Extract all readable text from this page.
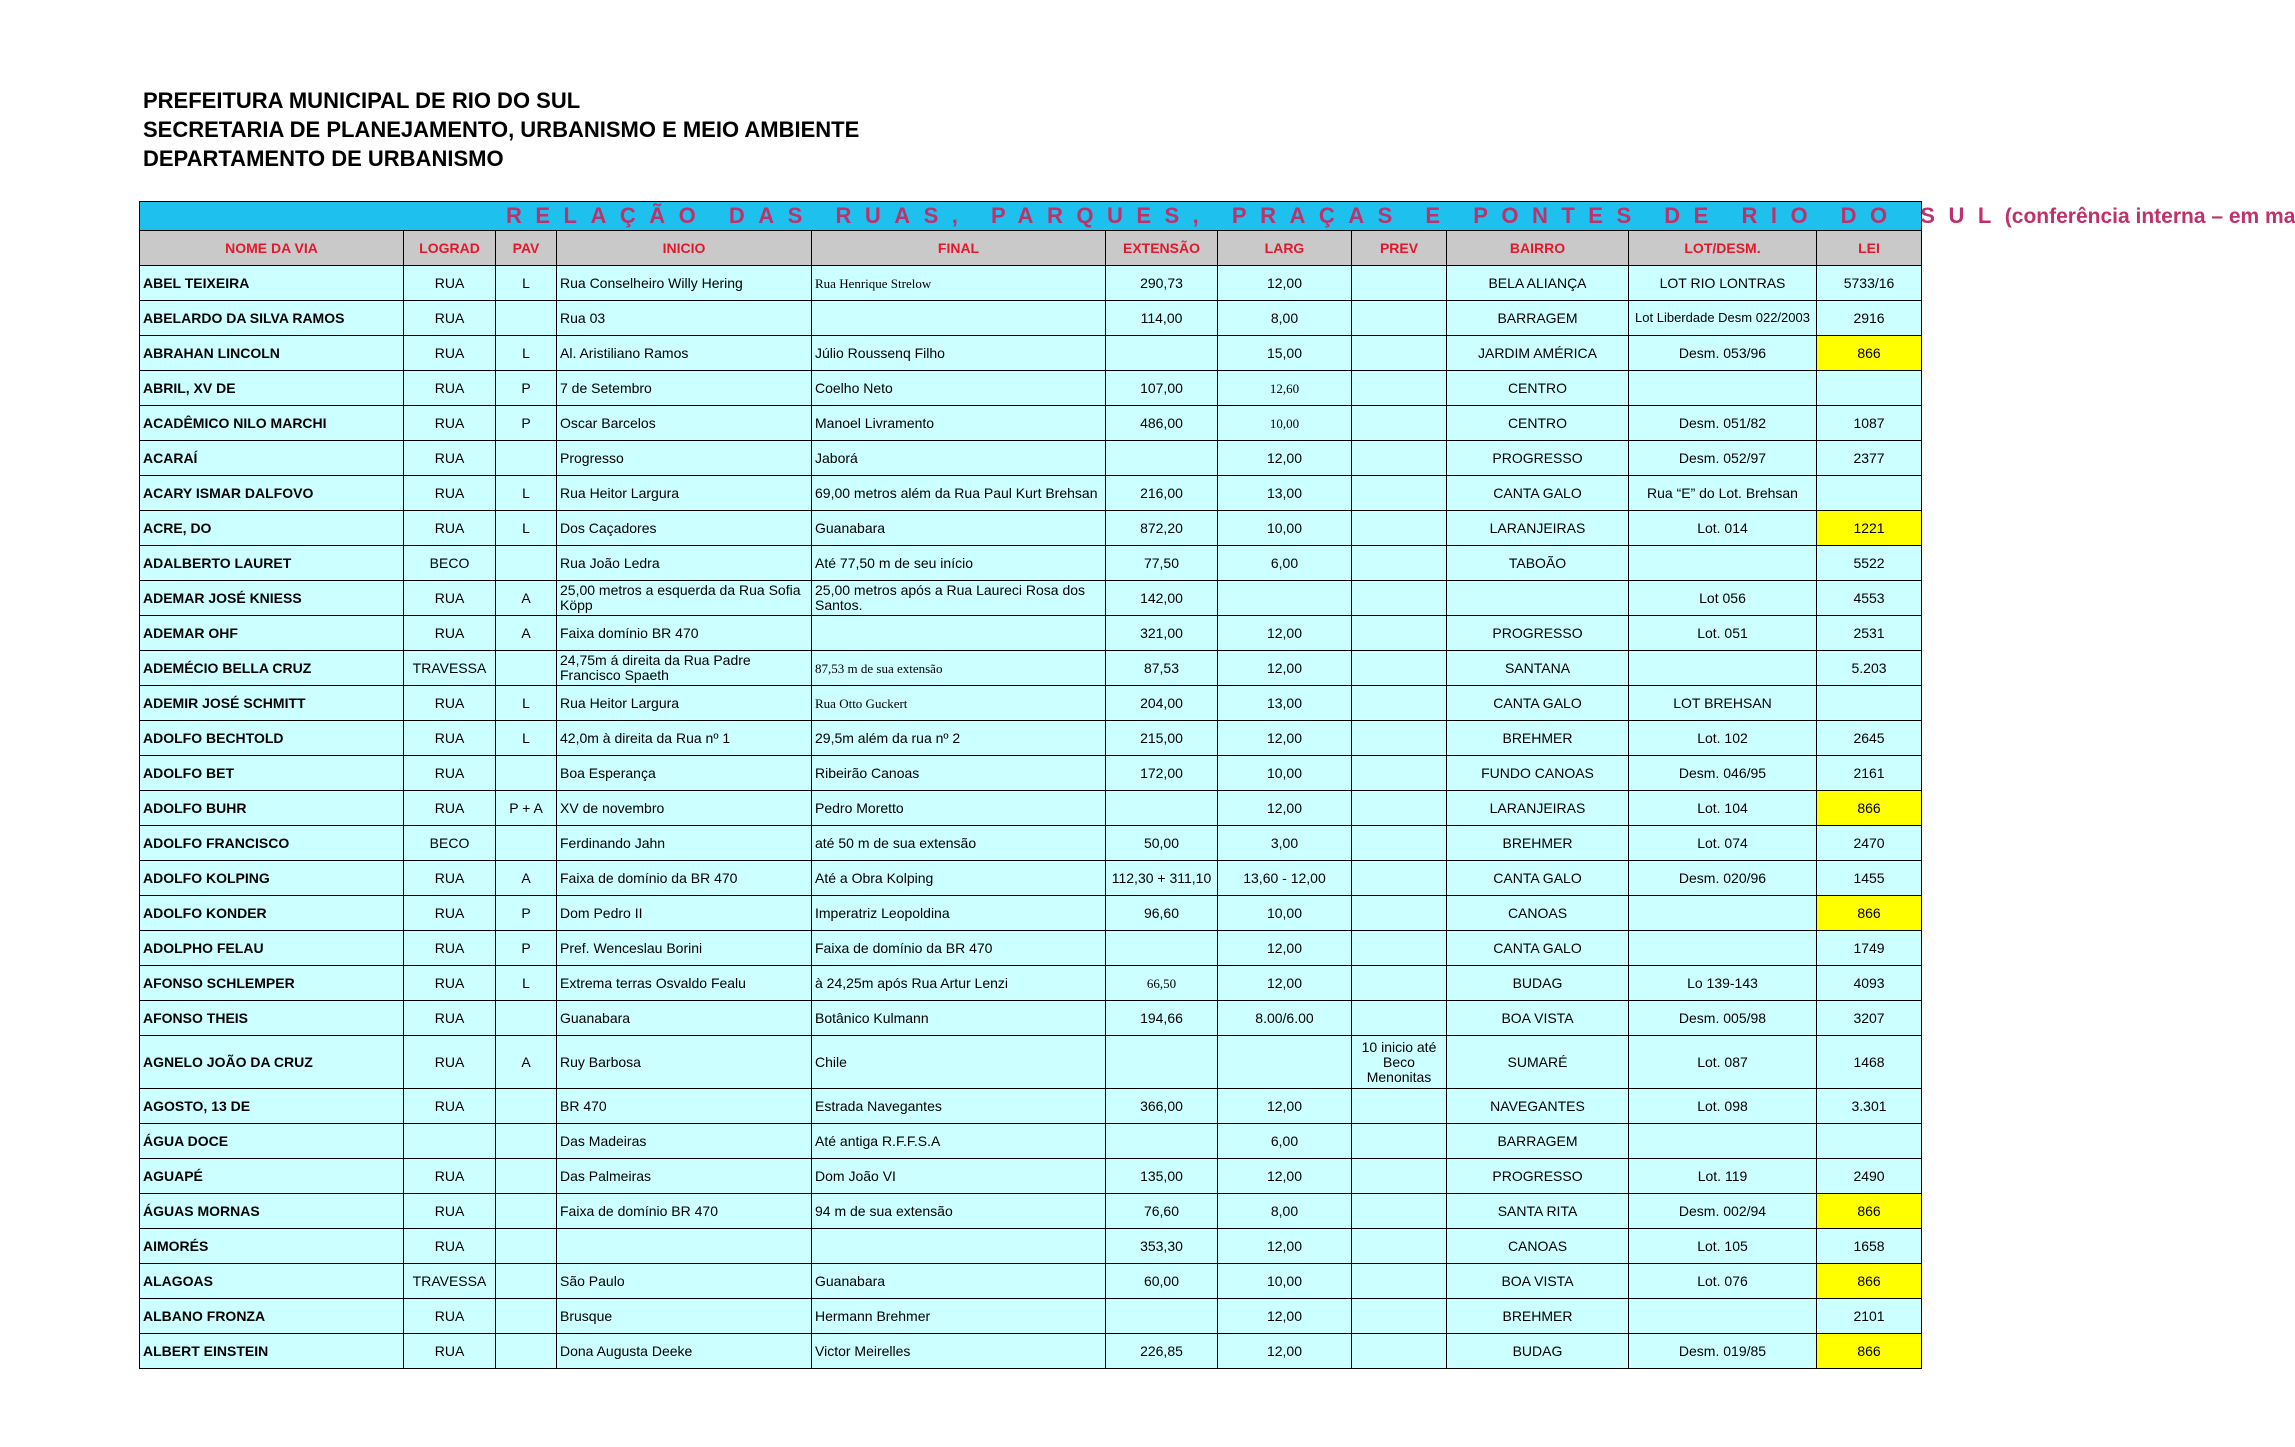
PREFEITURA MUNICIPAL DE RIO DO SUL
SECRETARIA DE PLANEJAMENTO, URBANISMO E MEIO AMBIENTE
DEPARTAMENTO DE URBANISMO
RELAÇÃO DAS RUAS, PARQUES, PRAÇAS E PONTES DE RIO DO SUL(conferência interna – em ma										
NOME DA VIA	LOGRAD	PAV	INICIO	FINAL	EXTENSÃO	LARG	PREV	BAIRRO	LOT/DESM.	LEI
ABEL TEIXEIRA	RUA	L	Rua Conselheiro Willy Hering	Rua Henrique Strelow	290,73	12,00		BELA ALIANÇA	LOT RIO LONTRAS	5733/16
ABELARDO DA SILVA RAMOS	RUA		Rua 03		114,00	8,00		BARRAGEM	Lot Liberdade Desm 022/2003	2916
ABRAHAN LINCOLN	RUA	L	Al. Aristiliano Ramos	Júlio Roussenq Filho		15,00		JARDIM AMÉRICA	Desm. 053/96	866
ABRIL, XV DE	RUA	P	7 de Setembro	Coelho Neto	107,00	12,60		CENTRO		
ACADÊMICO NILO MARCHI	RUA	P	Oscar Barcelos	Manoel Livramento	486,00	10,00		CENTRO	Desm. 051/82	1087
ACARAÍ	RUA		Progresso	Jaborá		12,00		PROGRESSO	Desm. 052/97	2377
ACARY ISMAR DALFOVO	RUA	L	Rua Heitor Largura	69,00 metros além da Rua Paul Kurt Brehsan	216,00	13,00		CANTA GALO	Rua “E” do Lot. Brehsan	
ACRE, DO	RUA	L	Dos Caçadores	Guanabara	872,20	10,00		LARANJEIRAS	Lot. 014	1221
ADALBERTO LAURET	BECO		Rua João Ledra	Até 77,50 m de seu início	77,50	6,00		TABOÃO		5522
ADEMAR JOSÉ KNIESS	RUA	A	25,00 metros a esquerda da Rua Sofia Köpp	25,00 metros após a Rua Laureci Rosa dos Santos.	142,00				Lot 056	4553
ADEMAR OHF	RUA	A	Faixa domínio BR 470		321,00	12,00		PROGRESSO	Lot. 051	2531
ADEMÉCIO BELLA CRUZ	TRAVESSA		24,75m á direita da Rua Padre Francisco Spaeth	87,53 m de sua extensão	87,53	12,00		SANTANA		5.203
ADEMIR JOSÉ SCHMITT	RUA	L	Rua Heitor Largura	Rua Otto Guckert	204,00	13,00		CANTA GALO	LOT BREHSAN	
ADOLFO BECHTOLD	RUA	L	42,0m à direita da Rua nº 1	29,5m além da rua nº 2	215,00	12,00		BREHMER	Lot. 102	2645
ADOLFO BET	RUA		Boa Esperança	Ribeirão Canoas	172,00	10,00		FUNDO CANOAS	Desm. 046/95	2161
ADOLFO BUHR	RUA	P + A	XV de novembro	Pedro Moretto		12,00		LARANJEIRAS	Lot. 104	866
ADOLFO FRANCISCO	BECO		Ferdinando Jahn	até 50 m de sua extensão	50,00	3,00		BREHMER	Lot. 074	2470
ADOLFO KOLPING	RUA	A	Faixa de domínio da BR 470	Até a Obra Kolping	112,30 + 311,10	13,60 - 12,00		CANTA GALO	Desm. 020/96	1455
ADOLFO KONDER	RUA	P	Dom Pedro II	Imperatriz Leopoldina	96,60	10,00		CANOAS		866
ADOLPHO FELAU	RUA	P	Pref. Wenceslau Borini	Faixa de domínio da BR 470		12,00		CANTA GALO		1749
AFONSO SCHLEMPER	RUA	L	Extrema terras Osvaldo Fealu	à 24,25m após Rua Artur Lenzi	66,50	12,00		BUDAG	Lo 139-143	4093
AFONSO THEIS	RUA		Guanabara	Botânico Kulmann	194,66	8.00/6.00		BOA VISTA	Desm. 005/98	3207
AGNELO JOÃO DA CRUZ	RUA	A	Ruy Barbosa	Chile			10 inicio até Beco Menonitas	SUMARÉ	Lot. 087	1468
AGOSTO, 13 DE	RUA		BR 470	Estrada Navegantes	366,00	12,00		NAVEGANTES	Lot. 098	3.301
ÁGUA DOCE			Das Madeiras	Até antiga R.F.F.S.A		6,00		BARRAGEM		
AGUAPÉ	RUA		Das Palmeiras	Dom João VI	135,00	12,00		PROGRESSO	Lot. 119	2490
ÁGUAS MORNAS	RUA		Faixa de domínio BR 470	94 m de sua extensão	76,60	8,00		SANTA RITA	Desm. 002/94	866
AIMORÉS	RUA				353,30	12,00		CANOAS	Lot. 105	1658
ALAGOAS	TRAVESSA		São Paulo	Guanabara	60,00	10,00		BOA VISTA	Lot. 076	866
ALBANO FRONZA	RUA		Brusque	Hermann Brehmer		12,00		BREHMER		2101
ALBERT EINSTEIN	RUA		Dona Augusta Deeke	Victor Meirelles	226,85	12,00		BUDAG	Desm. 019/85	866
